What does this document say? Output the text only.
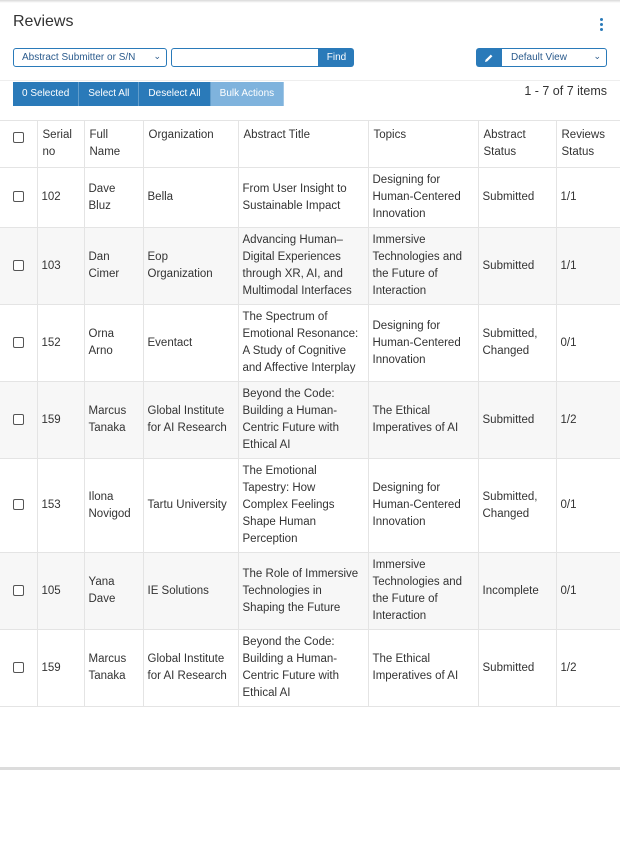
Reviews
Abstract Submitter or S/N ⌄	Find	Default View	⌄
0 Selected	Select All	Deselect All	Bulk Actions	1 - 7 of 7 items
	Serial no	Full Name	Organization	Abstract Title	Topics	Abstract Status	Reviews Status
	102	Dave Bluz	Bella	From User Insight to Sustainable Impact	Designing for Human-Centered Innovation	Submitted	1/1
	103	Dan Cimer	Eop Organization	Advancing Human–Digital Experiences through XR, AI, and Multimodal Interfaces	Immersive Technologies and the Future of Interaction	Submitted	1/1
	152	Orna Arno	Eventact	The Spectrum of Emotional Resonance: A Study of Cognitive and Affective Interplay	Designing for Human-Centered Innovation	Submitted, Changed	0/1
	159	Marcus Tanaka	Global Institute for AI Research	Beyond the Code: Building a Human-Centric Future with Ethical AI	The Ethical Imperatives of AI	Submitted	1/2
	153	Ilona Novigod	Tartu University	The Emotional Tapestry: How Complex Feelings Shape Human Perception	Designing for Human-Centered Innovation	Submitted, Changed	0/1
	105	Yana Dave	IE Solutions	The Role of Immersive Technologies in Shaping the Future	Immersive Technologies and the Future of Interaction	Incomplete	0/1
	159	Marcus Tanaka	Global Institute for AI Research	Beyond the Code: Building a Human-Centric Future with Ethical AI	The Ethical Imperatives of AI	Submitted	1/2
